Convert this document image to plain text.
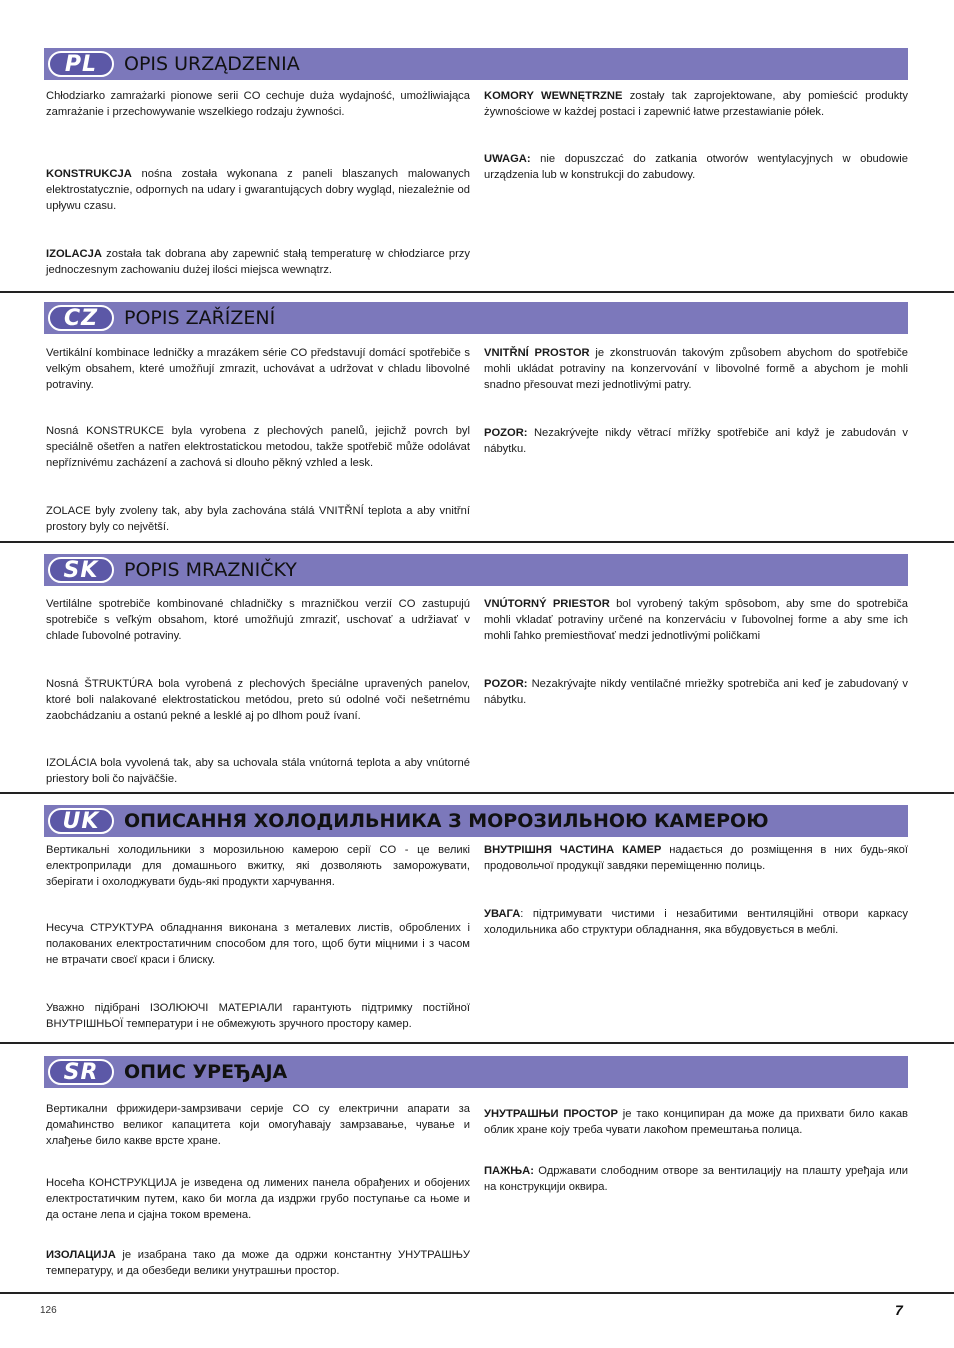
PL	OPIS URZĄDZENIA

Chłodziarko zamrażarki pionowe serii CO cechuje duża wydajność, umożliwiająca zamrażanie i przechowywanie wszelkiego rodzaju żywności.

KONSTRUKCJA nośna została wykonana z paneli blaszanych malowanych elektrostatycznie, odpornych na udary i gwarantujących dobry wygląd, niezależnie od upływu czasu.

IZOLACJA została tak dobrana aby zapewnić stałą temperaturę w chłodziarce przy jednoczesnym zachowaniu dużej ilości miejsca wewnątrz.

KOMORY WEWNĘTRZNE zostały tak zaprojektowane, aby pomieścić produkty żywnościowe w każdej postaci i zapewnić łatwe przestawianie półek.

UWAGA: nie dopuszczać do zatkania otworów wentylacyjnych w obudowie urządzenia lub w konstrukcji do zabudowy.

CZ	POPIS ZAŘÍZENÍ

Vertikální kombinace ledničky a mrazákem série CO představují domácí spotřebiče s velkým obsahem, které umožňují zmrazit, uchovávat a udržovat v chladu libovolné potraviny.

Nosná KONSTRUKCE byla vyrobena z plechových panelů, jejichž povrch byl speciálně ošetřen a natřen elektrostatickou metodou, takže spotřebič může odolávat nepříznivému zacházení a zachová si dlouho pěkný vzhled a lesk.

ZOLACE byly zvoleny tak, aby byla zachována stálá VNITŘNÍ teplota a aby vnitřní prostory byly co největší.

VNITŘNÍ PROSTOR je zkonstruován takovým způsobem abychom do spotřebiče mohli ukládat potraviny na konzervování v libovolné formě a abychom je mohli snadno přesouvat mezi jednotlivými patry.

POZOR: Nezakrývejte nikdy větrací mřížky spotřebiče ani když je zabudován v nábytku.

SK	POPIS MRAZNIČKY

Vertilálne spotrebiče kombinované chladničky s mrazničkou verzií CO zastupujú spotrebiče s veľkým obsahom, ktoré umožňujú zmraziť, uschovať a udržiavať v chlade ľubovolné potraviny.

Nosná ŠTRUKTÚRA bola vyrobená z plechových špeciálne upravených panelov, ktoré boli nalakované elektrostatickou metódou, preto sú odolné voči nešetrnému zaobchádzaniu a ostanú pekné a lesklé aj po dlhom použ ívaní.

IZOLÁCIA bola vyvolená tak, aby sa uchovala stála vnútorná teplota a aby vnútorné priestory boli čo najväčšie.

VNÚTORNÝ PRIESTOR bol vyrobený takým spôsobom, aby sme do spotrebiča mohli vkladať potraviny určené na konzerváciu v ľubovolnej forme a aby sme ich mohli ľahko premiestňovať medzi jednotlivými poličkami

POZOR: Nezakrývajte nikdy ventilačné mriežky spotrebiča ani keď je zabudovaný v nábytku.

UK	ОПИСАННЯ ХОЛОДИЛЬНИКА З МОРОЗИЛЬНОЮ КАМЕРОЮ

Вертикальні холодильники з морозильною камерою серії CO - це великі електроприлади для домашнього вжитку, які дозволяють заморожувати, зберігати і охолоджувати будь-які продукти харчування.

Несуча СТРУКТУРА обладнання виконана з металевих листів, оброблених і полакованих електростатичним способом для того, щоб бути міцними і з часом не втрачати своєї краси і блиску.

Уважно підібрані ІЗОЛЮЮЧІ МАТЕРІАЛИ гарантують підтримку постійної ВНУТРІШНЬОЇ температури і не обмежують зручного простору камер.

ВНУТРІШНЯ ЧАСТИНА КАМЕР надається до розміщення в них будь-якої продовольчої продукції завдяки переміщенню полиць.

УВАГА: підтримувати чистими і незабитими вентиляційні отвори каркасу холодильника або структури обладнання, яка вбудовується в меблі.

SR	ОПИС УРЕЂАЈА

Вертикални фрижидери-замрзивачи серије CO су електрични апарати за домаћинство великог капацитета који омогућавају замрзавање, чување и хлађење било какве врсте хране.

Носећа КОНСТРУКЦИЈА је изведена од лимених панела обрађених и обојених електростатичким путем, како би могла да издржи грубо поступање са њоме и да остане лепа и сјајна током времена.

ИЗОЛАЦИЈА је изабрана тако да може да одржи константну УНУТРАШЊУ температуру, и да обезбеди велики унутрашњи простор.

УНУТРАШЊИ ПРОСТОР је тако конципиран да може да прихвати било какав облик хране коју треба чувати лакоћом премештања полица.

ПАЖЊА: Одржавати слободним отворе за вентилацију на плашту уређаја или на конструкцији оквира.

126	7
